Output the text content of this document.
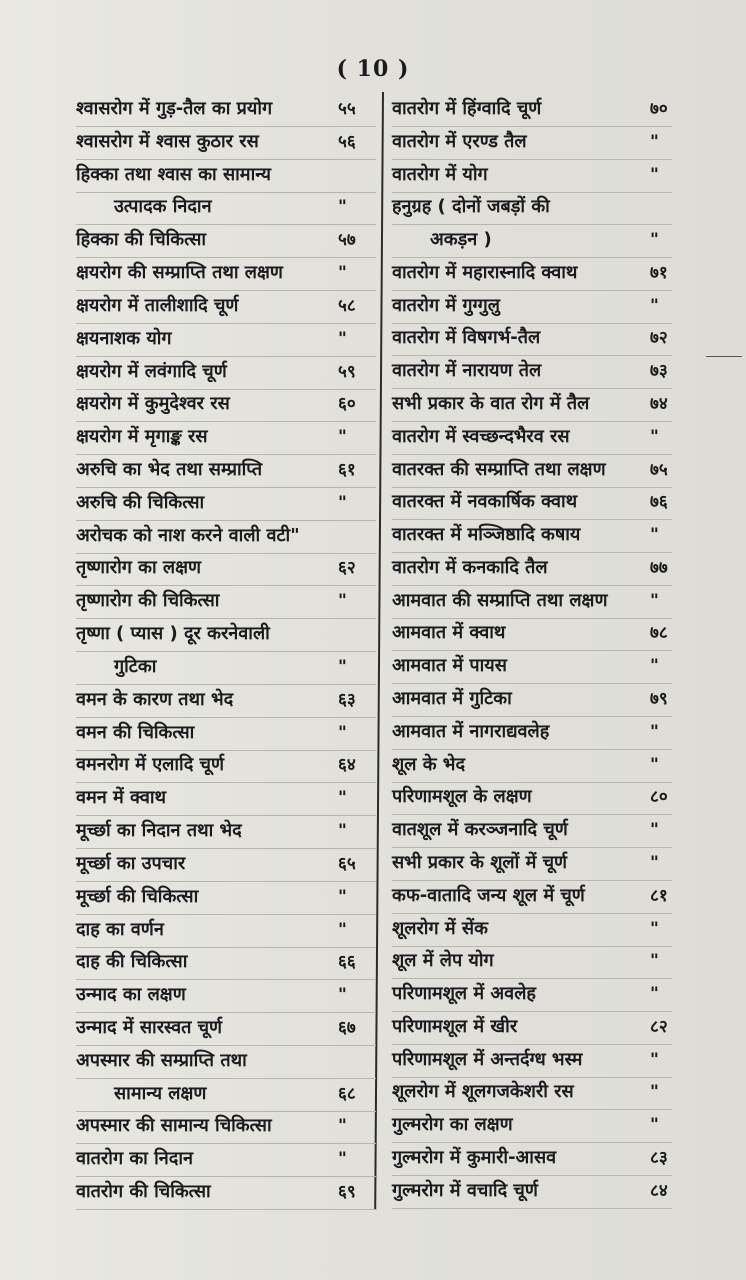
( 10 )
श्वासरोग में गुड़-तैल का प्रयोग	५५
श्वासरोग में श्वास कुठार रस	५६
हिक्का तथा श्वास का सामान्य
उत्पादक निदान	"
हिक्का की चिकित्सा	५७
क्षयरोग की सम्प्राप्ति तथा लक्षण	"
क्षयरोग में तालीशादि चूर्ण	५८
क्षयनाशक योग	"
क्षयरोग में लवंगादि चूर्ण	५९
क्षयरोग में कुमुदेश्वर रस	६०
क्षयरोग में मृगाङ्क रस	"
अरुचि का भेद तथा सम्प्राप्ति	६१
अरुचि की चिकित्सा	"
अरोचक को नाश करने वाली वटी"
तृष्णारोग का लक्षण	६२
तृष्णारोग की चिकित्सा	"
तृष्णा ( प्यास ) दूर करनेवाली
गुटिका	"
वमन के कारण तथा भेद	६३
वमन की चिकित्सा	"
वमनरोग में एलादि चूर्ण	६४
वमन में क्वाथ	"
मूर्च्छा का निदान तथा भेद	"
मूर्च्छा का उपचार	६५
मूर्च्छा की चिकित्सा	"
दाह का वर्णन	"
दाह की चिकित्सा	६६
उन्माद का लक्षण	"
उन्माद में सारस्वत चूर्ण	६७
अपस्मार की सम्प्राप्ति तथा
सामान्य लक्षण	६८
अपस्मार की सामान्य चिकित्सा	"
वातरोग का निदान	"
वातरोग की चिकित्सा	६९
वातरोग में हिंग्वादि चूर्ण	७०
वातरोग में एरण्ड तैल	"
वातरोग में योग	"
हनुग्रह ( दोनों जबड़ों की
अकड़न )	"
वातरोग में महारास्नादि क्वाथ	७१
वातरोग में गुग्गुलु	"
वातरोग में विषगर्भ-तैल	७२
वातरोग में नारायण तेल	७३
सभी प्रकार के वात रोग में तैल	७४
वातरोग में स्वच्छन्दभैरव रस	"
वातरक्त की सम्प्राप्ति तथा लक्षण	७५
वातरक्त में नवकार्षिक क्वाथ	७६
वातरक्त में मञ्जिष्ठादि कषाय	"
वातरोग में कनकादि तैल	७७
आमवात की सम्प्राप्ति तथा लक्षण	"
आमवात में क्वाथ	७८
आमवात में पायस	"
आमवात में गुटिका	७९
आमवात में नागराद्यवलेह	"
शूल के भेद	"
परिणामशूल के लक्षण	८०
वातशूल में करञ्जनादि चूर्ण	"
सभी प्रकार के शूलों में चूर्ण	"
कफ-वातादि जन्य शूल में चूर्ण	८१
शूलरोग में सेंक	"
शूल में लेप योग	"
परिणामशूल में अवलेह	"
परिणामशूल में खीर	८२
परिणामशूल में अन्तर्दग्ध भस्म	"
शूलरोग में शूलगजकेशरी रस	"
गुल्मरोग का लक्षण	"
गुल्मरोग में कुमारी-आसव	८३
गुल्मरोग में वचादि चूर्ण	८४
